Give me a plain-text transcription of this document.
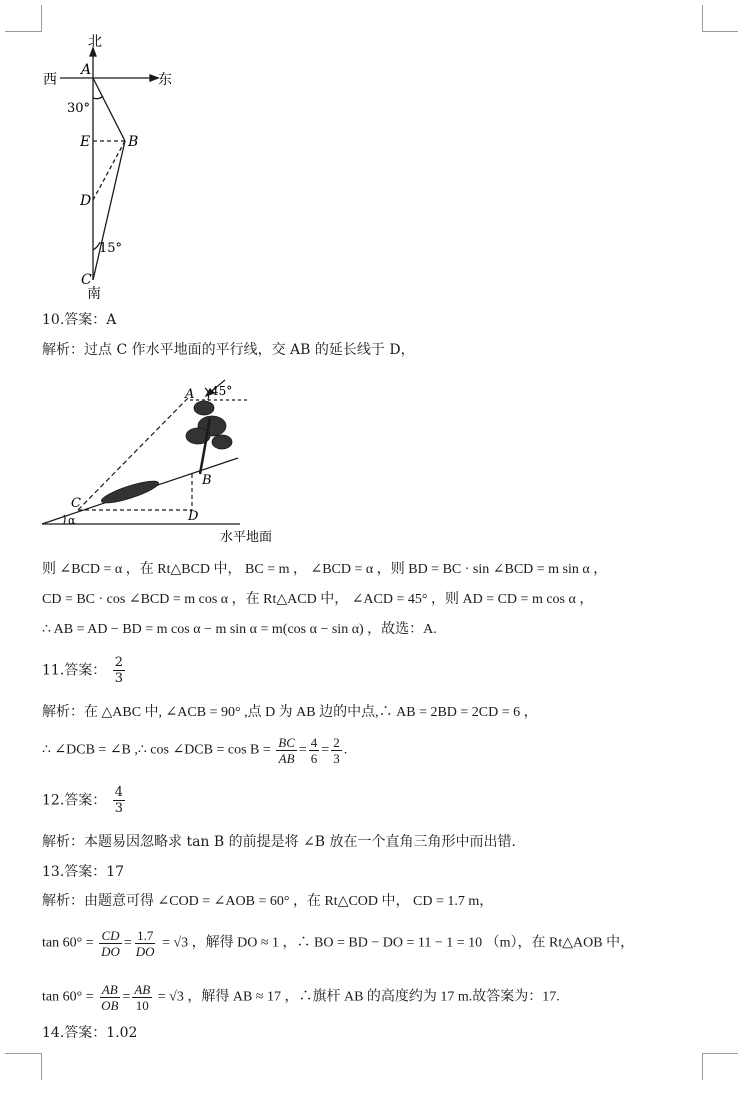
北
西	东
南
A
B
C
D
E
30°
15°
10.答案：A
解析：过点 C 作水平地面的平行线，交 AB 的延长线于 D，
A 45°
B
C
D
α
水平地面
则 ∠BCD = α ，在 Rt△BCD 中， BC = m ， ∠BCD = α ，则 BD = BC · sin ∠BCD = m sin α ，
CD = BC · cos ∠BCD = m cos α ，在 Rt△ACD 中， ∠ACD = 45° ，则 AD = CD = m cos α ，
∴ AB = AD − BD = m cos α − m sin α = m(cos α − sin α) ，故选：A.
11.答案： $\frac{2}{3}$
解析：在 △ABC 中, ∠ACB = 90° ,点 D 为 AB 边的中点,∴ AB = 2BD = 2CD = 6 ，
∴ ∠DCB = ∠B ,∴ cos ∠DCB = $\cos B = \frac{BC}{AB} = \frac{4}{6} = \frac{2}{3}$ .
12.答案： $\frac{4}{3}$
解析：本题易因忽略求 tan B 的前提是将 ∠B 放在一个直角三角形中而出错.
13.答案：17
解析：由题意可得 ∠COD = ∠AOB = 60° ，在 Rt△COD 中， CD = 1.7 m，
$\tan 60^\circ = \frac{CD}{DO} = \frac{1.7}{DO} = √3$ ，解得 DO ≈ 1 ，∴ BO = BD − DO = 11 − 1 = 10 （m），在 Rt△AOB 中，
$\tan 60^\circ = \frac{AB}{OB} = \frac{AB}{10} = √3$ ，解得 AB ≈ 17 ，∴旗杆 AB 的高度约为 17 m.故答案为：17.
14.答案：1.02
